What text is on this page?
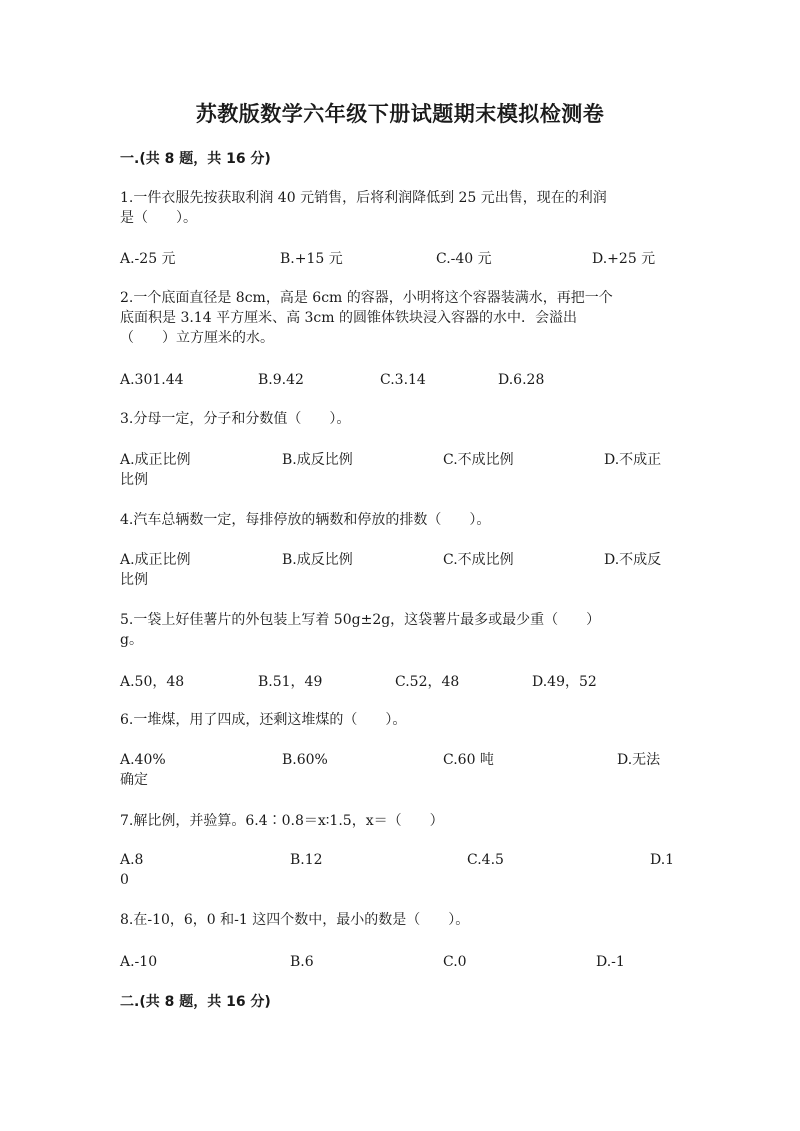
苏教版数学六年级下册试题期末模拟检测卷
一.(共 8 题，共 16 分)
1.一件衣服先按获取利润 40 元销售，后将利润降低到 25 元出售，现在的利润
是（　　）。
A.-25 元	B.+15 元	C.-40 元	D.+25 元
2.一个底面直径是 8cm，高是 6cm 的容器，小明将这个容器装满水，再把一个
底面积是 3.14 平方厘米、高 3cm 的圆锥体铁块浸入容器的水中．会溢出
（　　）立方厘米的水。
A.301.44	B.9.42	C.3.14	D.6.28
3.分母一定，分子和分数值（　　）。
A.成正比例	B.成反比例	C.不成比例	D.不成正
比例
4.汽车总辆数一定，每排停放的辆数和停放的排数（　　）。
A.成正比例	B.成反比例	C.不成比例	D.不成反
比例
5.一袋上好佳薯片的外包装上写着 50g±2g，这袋薯片最多或最少重（　　）
g。
A.50，48	B.51，49	C.52，48	D.49，52
6.一堆煤，用了四成，还剩这堆煤的（　　）。
A.40%	B.60%	C.60 吨	D.无法
确定
7.解比例，并验算。6.4∶0.8＝x∶1.5，x＝（　　）
A.8	B.12	C.4.5	D.1
0
8.在-10，6，0 和-1 这四个数中，最小的数是（　　）。
A.-10	B.6	C.0	D.-1
二.(共 8 题，共 16 分)
